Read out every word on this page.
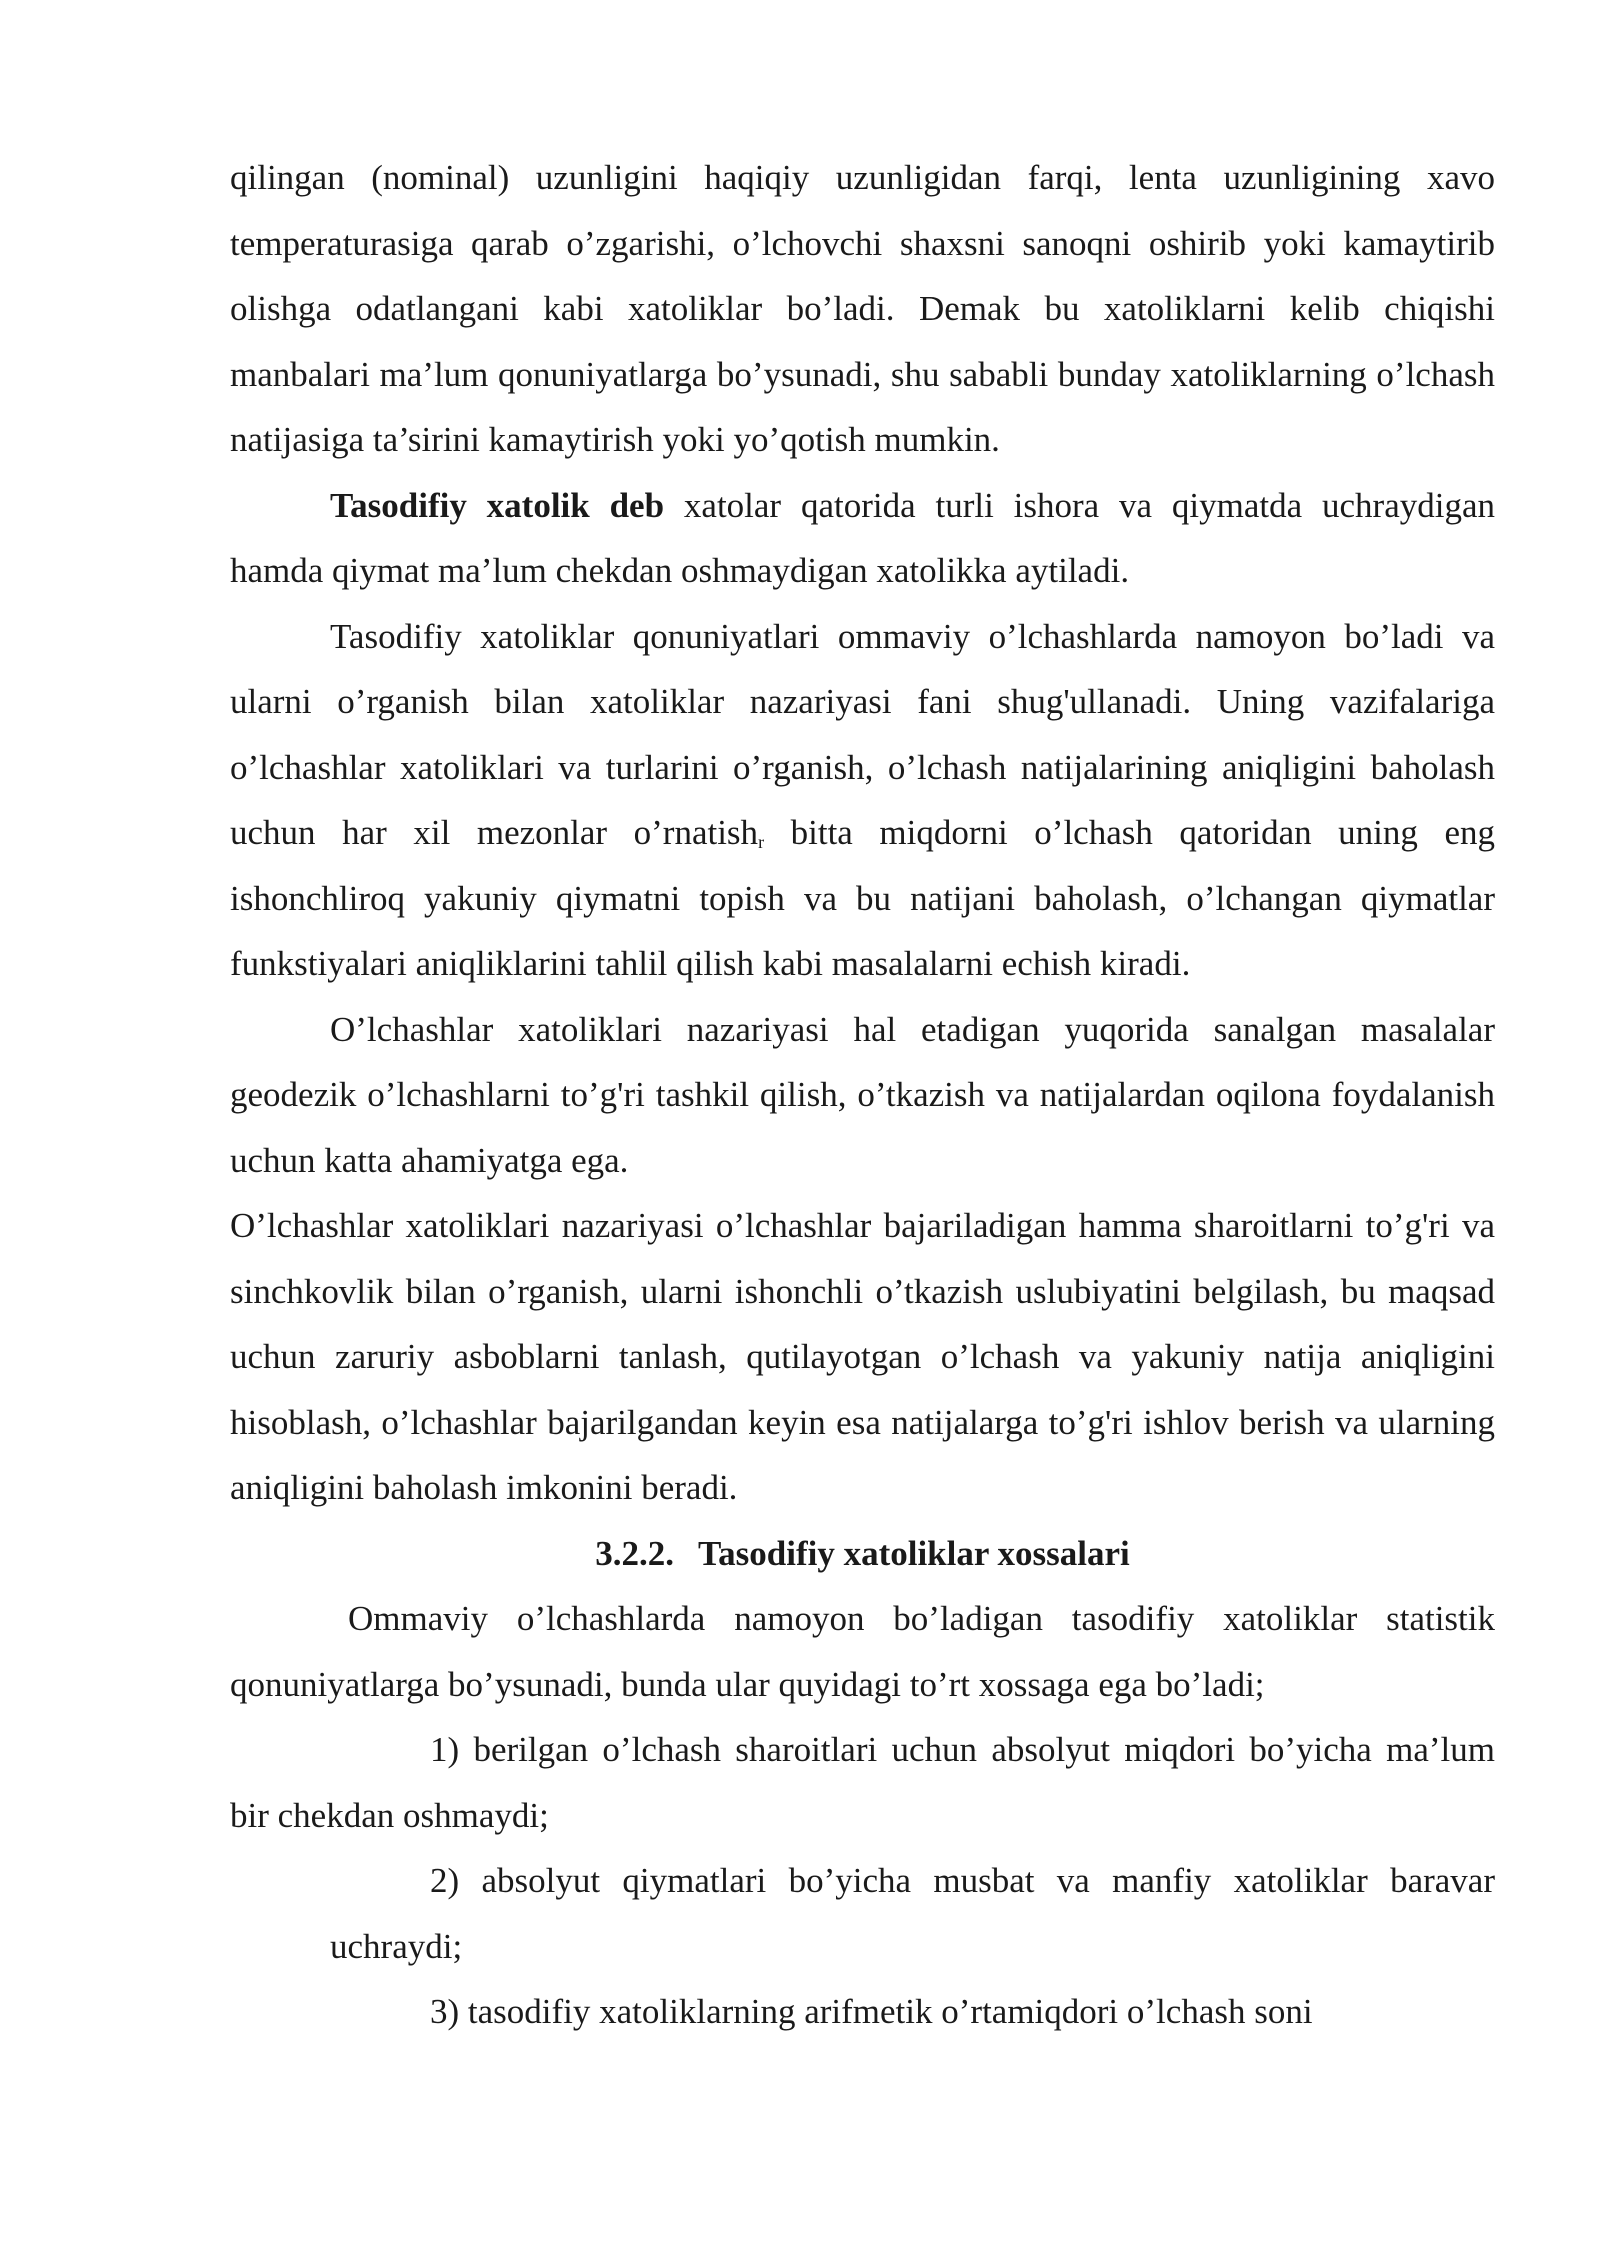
qilingan (nominal) uzunligini haqiqiy uzunligidan farqi, lenta uzunligining xavo temperaturasiga qarab o’zgarishi, o’lchovchi shaxsni sanoqni oshirib yoki kamaytirib olishga odatlangani kabi xatoliklar bo’ladi. Demak bu xatoliklarni kelib chiqishi manbalari ma’lum qonuniyatlarga bo’ysunadi, shu sababli bunday xatoliklarning o’lchash natijasiga ta’sirini kamaytirish yoki yo’qotish mumkin.

Tasodifiy xatolik deb xatolar qatorida turli ishora va qiymatda uchraydigan hamda qiymat ma’lum chekdan oshmaydigan xatolikka aytiladi.

Tasodifiy xatoliklar qonuniyatlari ommaviy o’lchashlarda namoyon bo’ladi va ularni o’rganish bilan xatoliklar nazariyasi fani shug'ullanadi. Uning vazifalariga o’lchashlar xatoliklari va turlarini o’rganish, o’lchash natijalarining aniqligini baholash uchun har xil mezonlar o’rnatish$_r$ bitta miqdorni o’lchash qatoridan uning eng ishonchliroq yakuniy qiymatni topish va bu natijani baholash, o’lchangan qiymatlar funkstiyalari aniqliklarini tahlil qilish kabi masalalarni echish kiradi.

O’lchashlar xatoliklari nazariyasi hal etadigan yuqorida sanalgan masalalar geodezik o’lchashlarni to’g'ri tashkil qilish, o’tkazish va natijalardan oqilona foydalanish uchun katta ahamiyatga ega.

O’lchashlar xatoliklari nazariyasi o’lchashlar bajariladigan hamma sharoitlarni to’g'ri va sinchkovlik bilan o’rganish, ularni ishonchli o’tkazish uslubiyatini belgilash, bu maqsad uchun zaruriy asboblarni tanlash, qutilayotgan o’lchash va yakuniy natija aniqligini hisoblash, o’lchashlar bajarilgandan keyin esa natijalarga to’g'ri ishlov berish va ularning aniqligini baholash imkonini beradi.

3.2.2. Tasodifiy xatoliklar xossalari

Ommaviy o’lchashlarda namoyon bo’ladigan tasodifiy xatoliklar statistik qonuniyatlarga bo’ysunadi, bunda ular quyidagi to’rt xossaga ega bo’ladi;

1) berilgan o’lchash sharoitlari uchun absolyut miqdori bo’yicha ma’lum bir chekdan oshmaydi;

2) absolyut qiymatlari bo’yicha musbat va manfiy xatoliklar baravar uchraydi;

3) tasodifiy xatoliklarning arifmetik o’rtamiqdori o’lchash soni
